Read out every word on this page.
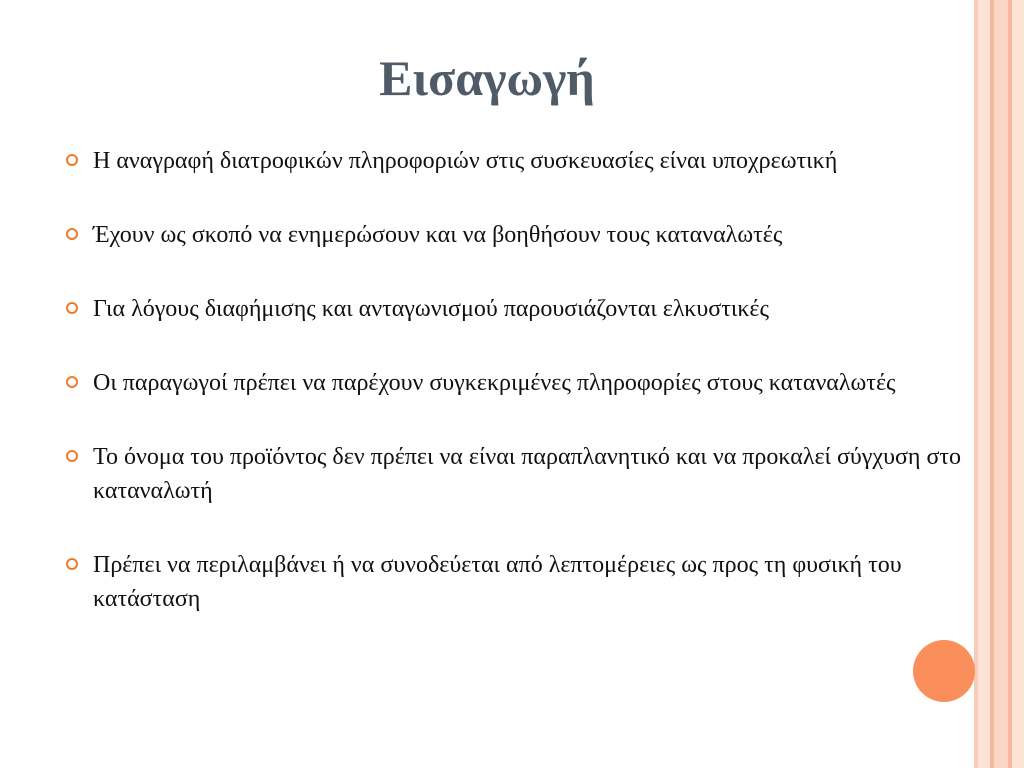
Εισαγωγή
Η αναγραφή διατροφικών πληροφοριών στις συσκευασίες είναι υποχρεωτική
Έχουν ως σκοπό να ενημερώσουν και να βοηθήσουν τους καταναλωτές
Για λόγους διαφήμισης και ανταγωνισμού παρουσιάζονται ελκυστικές
Οι παραγωγοί πρέπει να παρέχουν συγκεκριμένες πληροφορίες στους καταναλωτές
Το όνομα του προϊόντος δεν πρέπει να είναι παραπλανητικό και να προκαλεί σύγχυση στο καταναλωτή
Πρέπει να περιλαμβάνει ή να συνοδεύεται από λεπτομέρειες ως προς τη φυσική του κατάσταση
